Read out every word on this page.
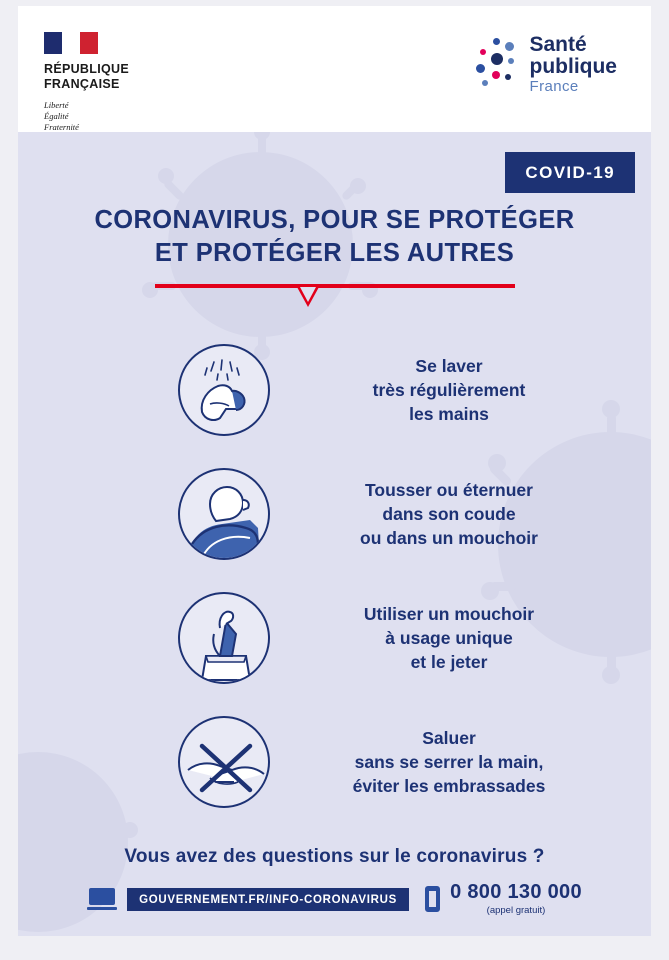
RÉPUBLIQUE
FRANÇAISE
Liberté
Égalité
Fraternité
Santé
publique
France
COVID-19
CORONAVIRUS, POUR SE PROTÉGER
ET PROTÉGER LES AUTRES
Se laver
très régulièrement
les mains
Tousser ou éternuer
dans son coude
ou dans un mouchoir
Utiliser un mouchoir
à usage unique
et le jeter
Saluer
sans se serrer la main,
éviter les embrassades
Vous avez des questions sur le coronavirus ?
GOUVERNEMENT.FR/INFO-CORONAVIRUS	0 800 130 000
(appel gratuit)
